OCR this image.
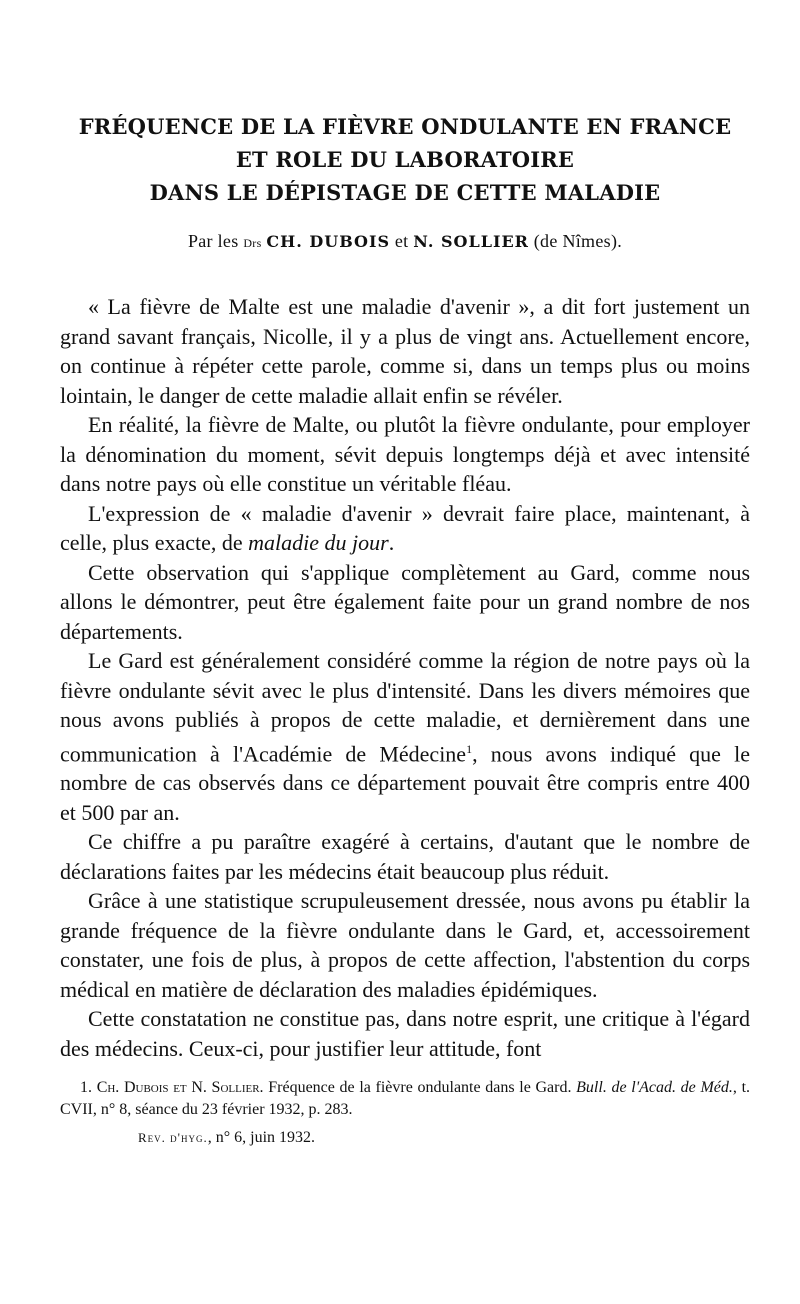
FRÉQUENCE DE LA FIÈVRE ONDULANTE EN FRANCE
ET ROLE DU LABORATOIRE
DANS LE DÉPISTAGE DE CETTE MALADIE
Par les Drs CH. DUBOIS et N. SOLLIER (de Nîmes).

« La fièvre de Malte est une maladie d'avenir », a dit fort justement un grand savant français, Nicolle, il y a plus de vingt ans. Actuellement encore, on continue à répéter cette parole, comme si, dans un temps plus ou moins lointain, le danger de cette maladie allait enfin se révéler.

En réalité, la fièvre de Malte, ou plutôt la fièvre ondulante, pour employer la dénomination du moment, sévit depuis longtemps déjà et avec intensité dans notre pays où elle constitue un véritable fléau.

L'expression de « maladie d'avenir » devrait faire place, maintenant, à celle, plus exacte, de maladie du jour.

Cette observation qui s'applique complètement au Gard, comme nous allons le démontrer, peut être également faite pour un grand nombre de nos départements.

Le Gard est généralement considéré comme la région de notre pays où la fièvre ondulante sévit avec le plus d'intensité. Dans les divers mémoires que nous avons publiés à propos de cette maladie, et dernièrement dans une communication à l'Académie de Médecine$^1$, nous avons indiqué que le nombre de cas observés dans ce département pouvait être compris entre 400 et 500 par an.

Ce chiffre a pu paraître exagéré à certains, d'autant que le nombre de déclarations faites par les médecins était beaucoup plus réduit.

Grâce à une statistique scrupuleusement dressée, nous avons pu établir la grande fréquence de la fièvre ondulante dans le Gard, et, accessoirement constater, une fois de plus, à propos de cette affection, l'abstention du corps médical en matière de déclaration des maladies épidémiques.

Cette constatation ne constitue pas, dans notre esprit, une critique à l'égard des médecins. Ceux-ci, pour justifier leur attitude, font

1. Ch. Dubois et N. Sollier. Fréquence de la fièvre ondulante dans le Gard. Bull. de l'Acad. de Méd., t. CVII, n° 8, séance du 23 février 1932, p. 283.

Rev. d'hyg., n° 6, juin 1932.
